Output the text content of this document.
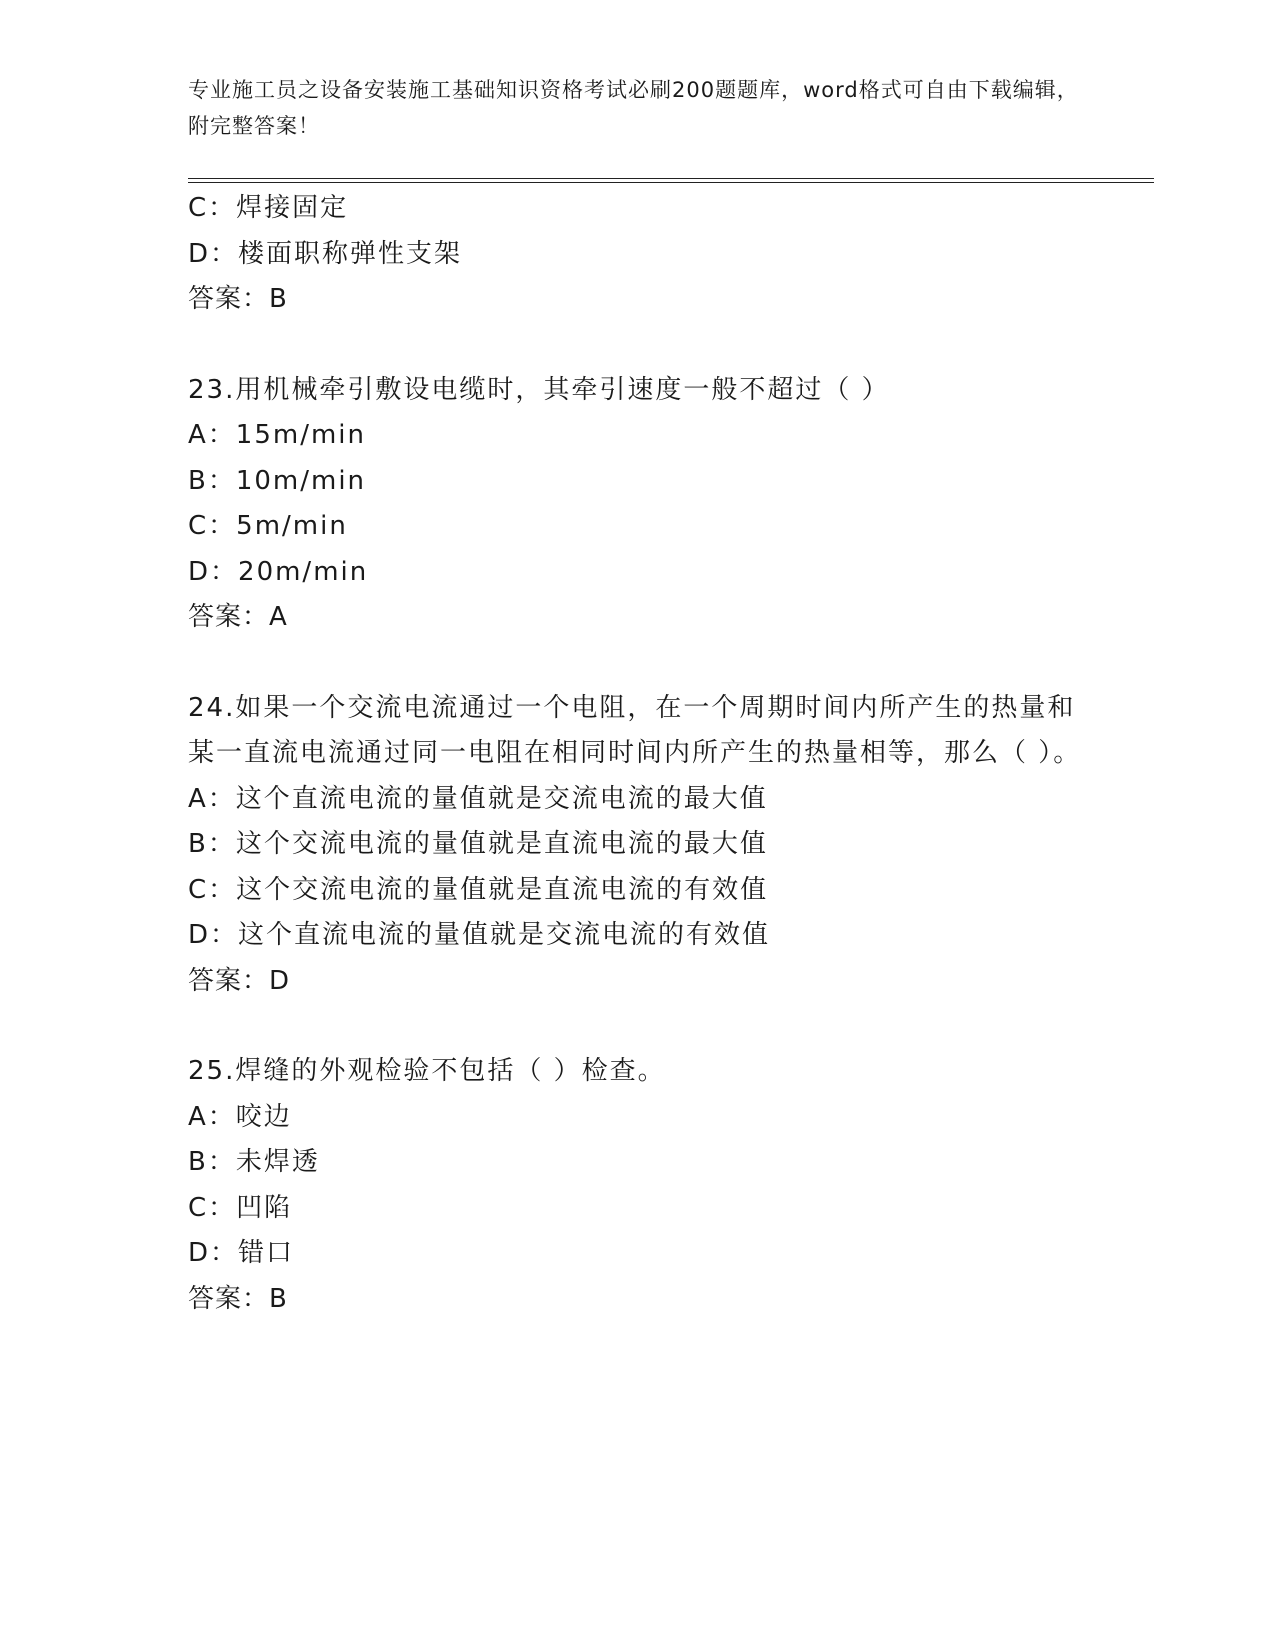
专业施工员之设备安装施工基础知识资格考试必刷200题题库，word格式可自由下载编辑，附完整答案！
C：焊接固定
D：楼面职称弹性支架
答案：B
23.用机械牵引敷设电缆时，其牵引速度一般不超过（ ）
A：15m/min
B：10m/min
C：5m/min
D：20m/min
答案：A
24.如果一个交流电流通过一个电阻，在一个周期时间内所产生的热量和某一直流电流通过同一电阻在相同时间内所产生的热量相等，那么（ ）。
A：这个直流电流的量值就是交流电流的最大值
B：这个交流电流的量值就是直流电流的最大值
C：这个交流电流的量值就是直流电流的有效值
D：这个直流电流的量值就是交流电流的有效值
答案：D
25.焊缝的外观检验不包括（ ）检查。
A：咬边
B：未焊透
C：凹陷
D：错口
答案：B
